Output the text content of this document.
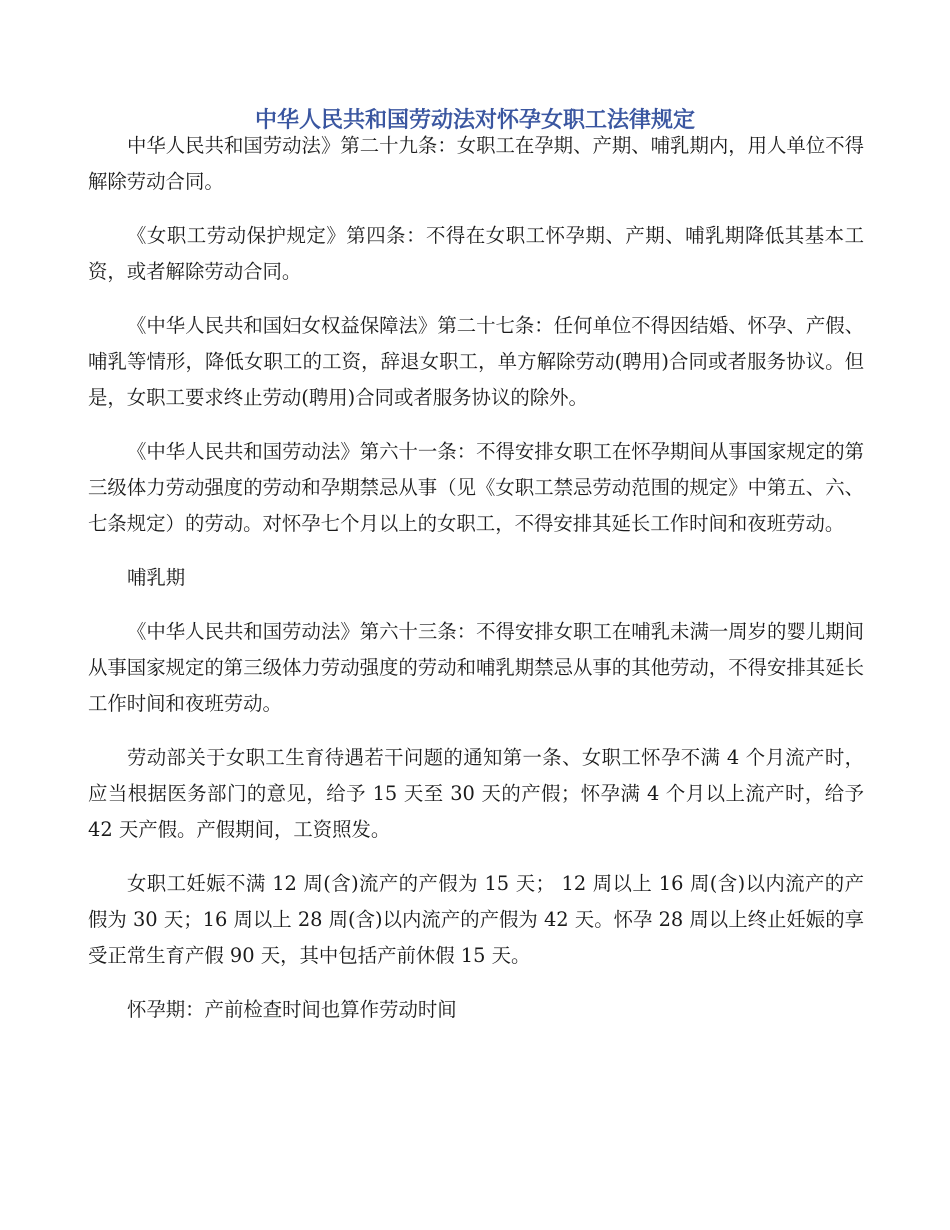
中华人民共和国劳动法对怀孕女职工法律规定

中华人民共和国劳动法》第二十九条：女职工在孕期、产期、哺乳期内，用人单位不得解除劳动合同。

《女职工劳动保护规定》第四条：不得在女职工怀孕期、产期、哺乳期降低其基本工资，或者解除劳动合同。

《中华人民共和国妇女权益保障法》第二十七条：任何单位不得因结婚、怀孕、产假、哺乳等情形，降低女职工的工资，辞退女职工，单方解除劳动(聘用)合同或者服务协议。但是，女职工要求终止劳动(聘用)合同或者服务协议的除外。

《中华人民共和国劳动法》第六十一条：不得安排女职工在怀孕期间从事国家规定的第三级体力劳动强度的劳动和孕期禁忌从事（见《女职工禁忌劳动范围的规定》中第五、六、七条规定）的劳动。对怀孕七个月以上的女职工，不得安排其延长工作时间和夜班劳动。

哺乳期

《中华人民共和国劳动法》第六十三条：不得安排女职工在哺乳未满一周岁的婴儿期间从事国家规定的第三级体力劳动强度的劳动和哺乳期禁忌从事的其他劳动，不得安排其延长工作时间和夜班劳动。

劳动部关于女职工生育待遇若干问题的通知第一条、女职工怀孕不满 4 个月流产时，应当根据医务部门的意见，给予 15 天至 30 天的产假；怀孕满 4 个月以上流产时，给予 42 天产假。产假期间，工资照发。

女职工妊娠不满 12 周(含)流产的产假为 15 天； 12 周以上 16 周(含)以内流产的产假为 30 天；16 周以上 28 周(含)以内流产的产假为 42 天。怀孕 28 周以上终止妊娠的享受正常生育产假 90 天，其中包括产前休假 15 天。

怀孕期：产前检查时间也算作劳动时间
